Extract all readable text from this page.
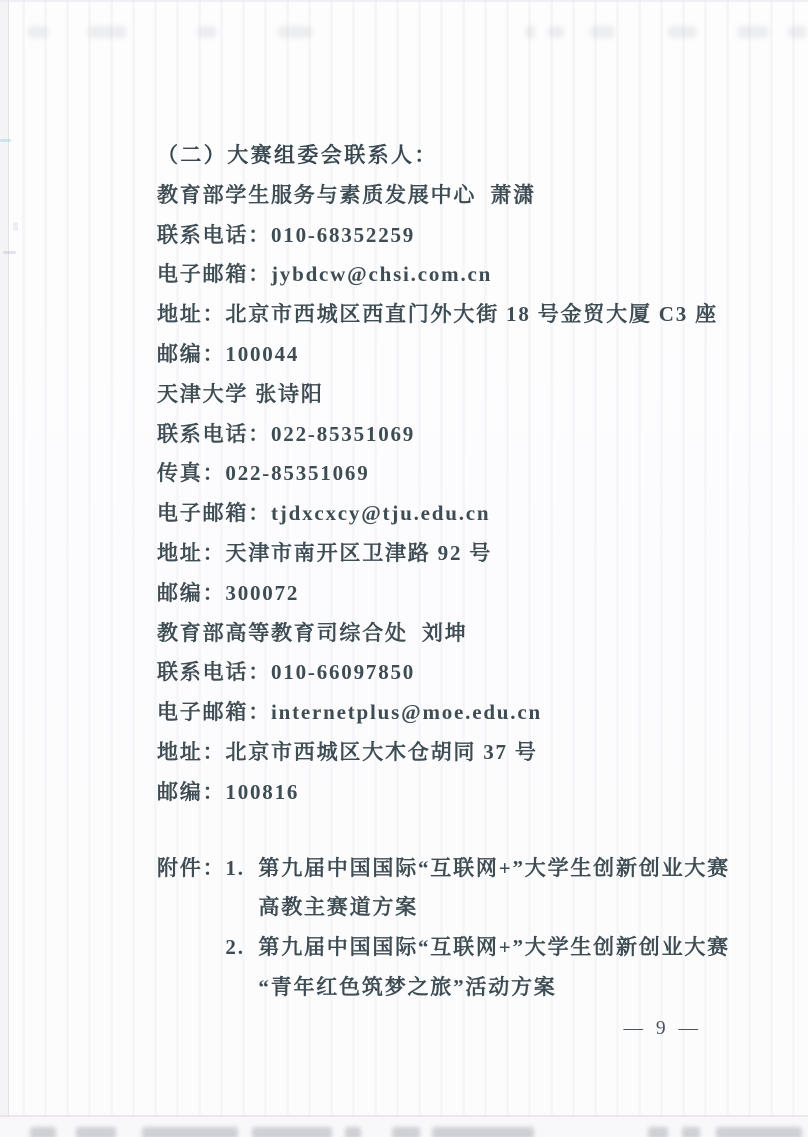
（二）大赛组委会联系人：
教育部学生服务与素质发展中心  萧潇
联系电话：010-68352259
电子邮箱：jybdcw@chsi.com.cn
地址：北京市西城区西直门外大街 18 号金贸大厦 C3 座
邮编：100044
天津大学 张诗阳
联系电话：022-85351069
传真：022-85351069
电子邮箱：tjdxcxcy@tju.edu.cn
地址：天津市南开区卫津路 92 号
邮编：300072
教育部高等教育司综合处  刘坤
联系电话：010-66097850
电子邮箱：internetplus@moe.edu.cn
地址：北京市西城区大木仓胡同 37 号
邮编：100816
附件： 1. 第九届中国国际“互联网+”大学生创新创业大赛
高教主赛道方案
2. 第九届中国国际“互联网+”大学生创新创业大赛
“青年红色筑梦之旅”活动方案
— 9 —
